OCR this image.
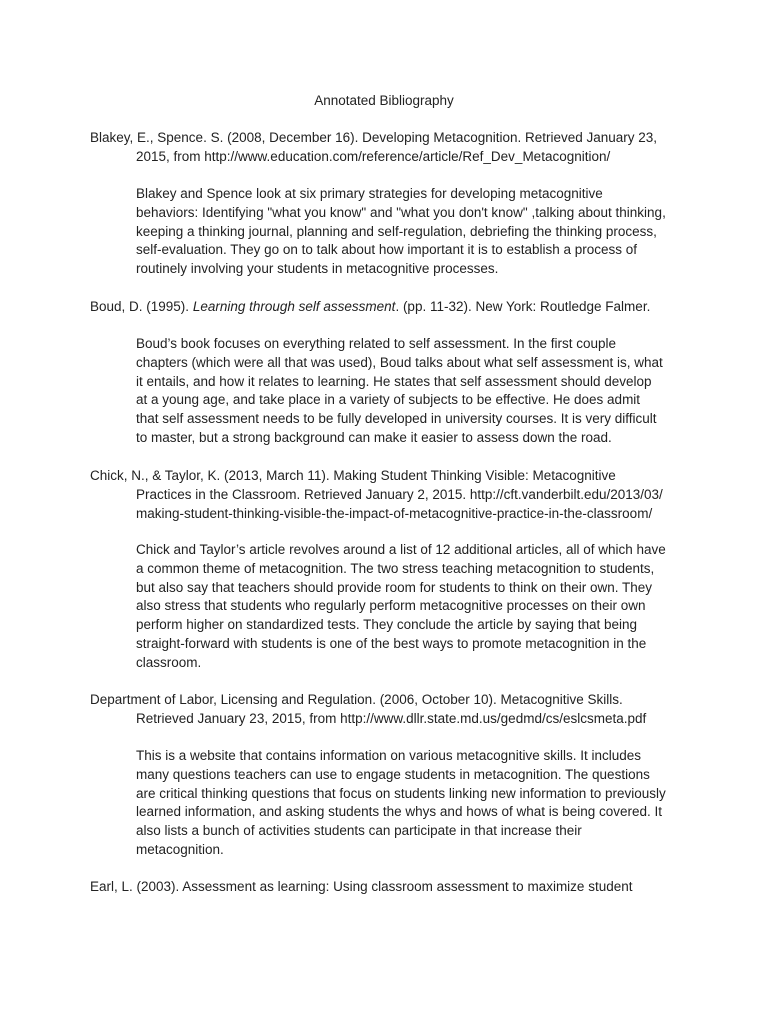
Annotated Bibliography
Blakey, E., Spence. S. (2008, December 16). Developing Metacognition. Retrieved January 23,
2015, from http://www.education.com/reference/article/Ref_Dev_Metacognition/
Blakey and Spence look at six primary strategies for developing metacognitive
behaviors: Identifying "what you know" and "what you don't know" ,talking about thinking,
keeping a thinking journal, planning and self-regulation, debriefing the thinking process,
self-evaluation. They go on to talk about how important it is to establish a process of
routinely involving your students in metacognitive processes.
Boud, D. (1995). Learning through self assessment. (pp. 11-32). New York: Routledge Falmer.
Boud’s book focuses on everything related to self assessment. In the first couple
chapters (which were all that was used), Boud talks about what self assessment is, what
it entails, and how it relates to learning. He states that self assessment should develop
at a young age, and take place in a variety of subjects to be effective. He does admit
that self assessment needs to be fully developed in university courses. It is very difficult
to master, but a strong background can make it easier to assess down the road.
Chick, N., & Taylor, K. (2013, March 11). Making Student Thinking Visible: Metacognitive
Practices in the Classroom. Retrieved January 2, 2015. http://cft.vanderbilt.edu/2013/03/
making-student-thinking-visible-the-impact-of-metacognitive-practice-in-the-classroom/
Chick and Taylor’s article revolves around a list of 12 additional articles, all of which have
a common theme of metacognition. The two stress teaching metacognition to students,
but also say that teachers should provide room for students to think on their own. They
also stress that students who regularly perform metacognitive processes on their own
perform higher on standardized tests. They conclude the article by saying that being
straight-forward with students is one of the best ways to promote metacognition in the
classroom.
Department of Labor, Licensing and Regulation. (2006, October 10). Metacognitive Skills.
Retrieved January 23, 2015, from http://www.dllr.state.md.us/gedmd/cs/eslcsmeta.pdf
This is a website that contains information on various metacognitive skills. It includes
many questions teachers can use to engage students in metacognition. The questions
are critical thinking questions that focus on students linking new information to previously
learned information, and asking students the whys and hows of what is being covered. It
also lists a bunch of activities students can participate in that increase their
metacognition.
Earl, L. (2003). Assessment as learning: Using classroom assessment to maximize student
